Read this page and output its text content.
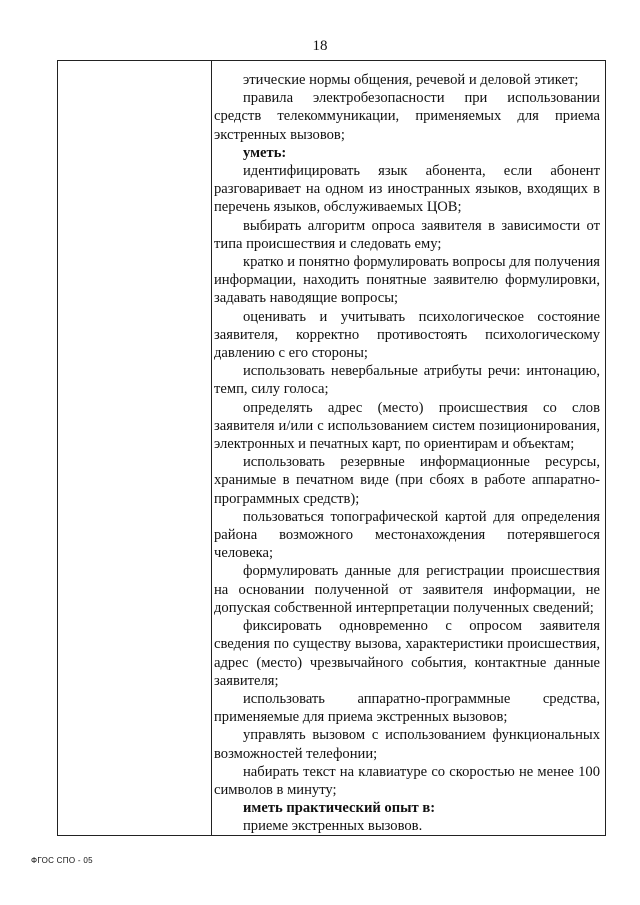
18

этические нормы общения, речевой и деловой этикет;

правила электробезопасности при использовании средств телекоммуникации, применяемых для приема экстренных вызовов;

уметь:

идентифицировать язык абонента, если абонент разговаривает на одном из иностранных языков, входящих в перечень языков, обслуживаемых ЦОВ;

выбирать алгоритм опроса заявителя в зависимости от типа происшествия и следовать ему;

кратко и понятно формулировать вопросы для получения информации, находить понятные заявителю формулировки, задавать наводящие вопросы;

оценивать и учитывать психологическое состояние заявителя, корректно противостоять психологическому давлению с его стороны;

использовать невербальные атрибуты речи: интонацию, темп, силу голоса;

определять адрес (место) происшествия со слов заявителя и/или с использованием систем позиционирования, электронных и печатных карт, по ориентирам и объектам;

использовать резервные информационные ресурсы, хранимые в печатном виде (при сбоях в работе аппаратно-программных средств);

пользоваться топографической картой для определения района возможного местонахождения потерявшегося человека;

формулировать данные для регистрации происшествия на основании полученной от заявителя информации, не допуская собственной интерпретации полученных сведений;

фиксировать одновременно с опросом заявителя сведения по существу вызова, характеристики происшествия, адрес (место) чрезвычайного события, контактные данные заявителя;

использовать аппаратно-программные средства, применяемые для приема экстренных вызовов;

управлять вызовом с использованием функциональных возможностей телефонии;

набирать текст на клавиатуре со скоростью не менее 100 символов в минуту;

иметь практический опыт в:

приеме экстренных вызовов.

ФГОС СПО - 05
